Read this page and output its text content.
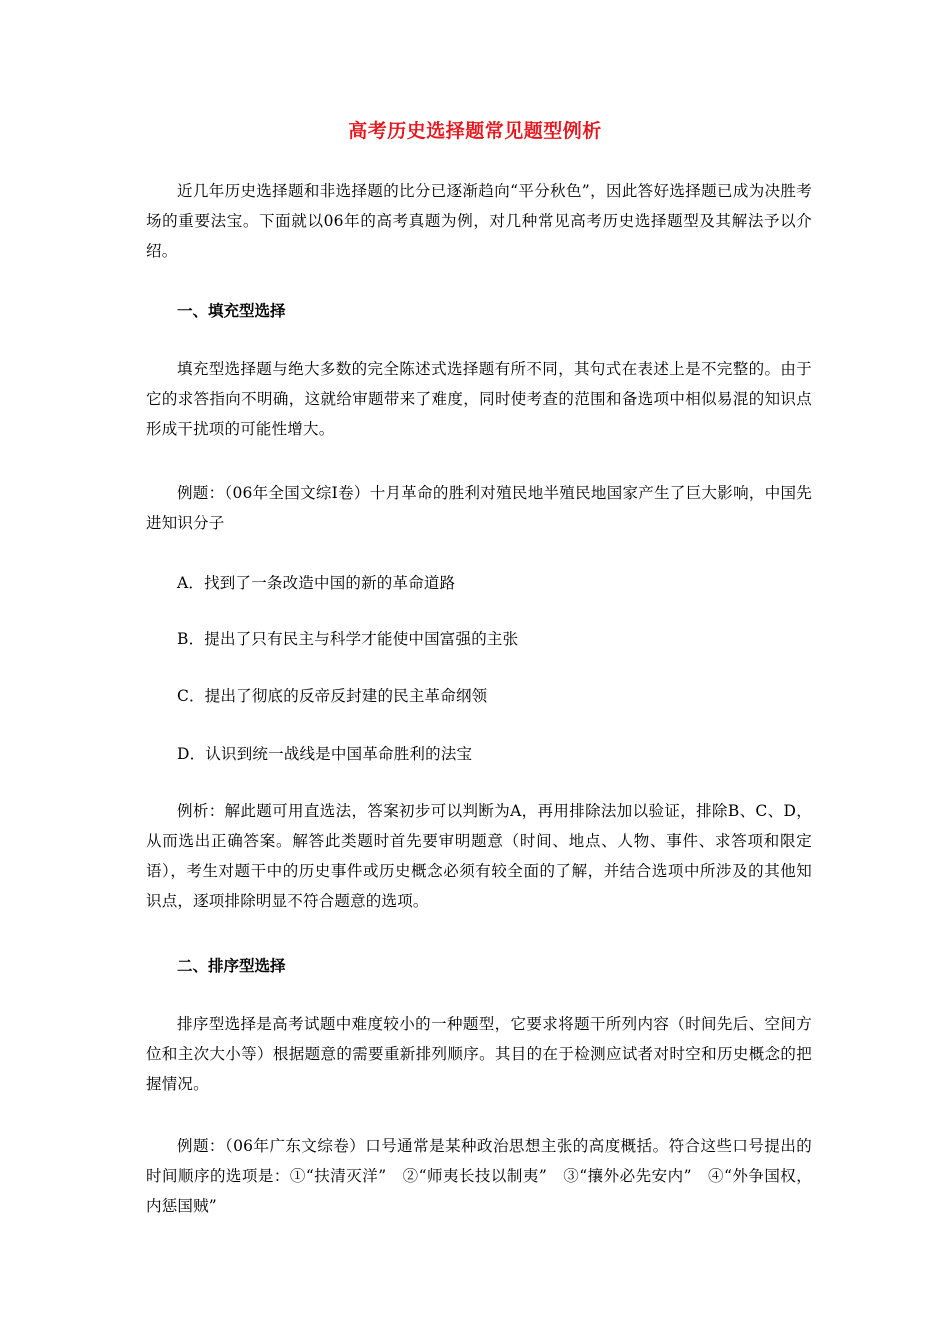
高考历史选择题常见题型例析
近几年历史选择题和非选择题的比分已逐渐趋向“平分秋色”，因此答好选择题已成为决胜考场的重要法宝。下面就以06年的高考真题为例，对几种常见高考历史选择题型及其解法予以介绍。
一、填充型选择
填充型选择题与绝大多数的完全陈述式选择题有所不同，其句式在表述上是不完整的。由于它的求答指向不明确，这就给审题带来了难度，同时使考查的范围和备选项中相似易混的知识点形成干扰项的可能性增大。
例题：（06年全国文综Ⅰ卷）十月革命的胜利对殖民地半殖民地国家产生了巨大影响，中国先进知识分子
A．找到了一条改造中国的新的革命道路
B．提出了只有民主与科学才能使中国富强的主张
C．提出了彻底的反帝反封建的民主革命纲领
D．认识到统一战线是中国革命胜利的法宝
例析：解此题可用直选法，答案初步可以判断为A，再用排除法加以验证，排除B、C、D，从而选出正确答案。解答此类题时首先要审明题意（时间、地点、人物、事件、求答项和限定语），考生对题干中的历史事件或历史概念必须有较全面的了解，并结合选项中所涉及的其他知识点，逐项排除明显不符合题意的选项。
二、排序型选择
排序型选择是高考试题中难度较小的一种题型，它要求将题干所列内容（时间先后、空间方位和主次大小等）根据题意的需要重新排列顺序。其目的在于检测应试者对时空和历史概念的把握情况。
例题：（06年广东文综卷）口号通常是某种政治思想主张的高度概括。符合这些口号提出的时间顺序的选项是：①“扶清灭洋”　②“师夷长技以制夷”　③“攘外必先安内”　④“外争国权，内惩国贼”
